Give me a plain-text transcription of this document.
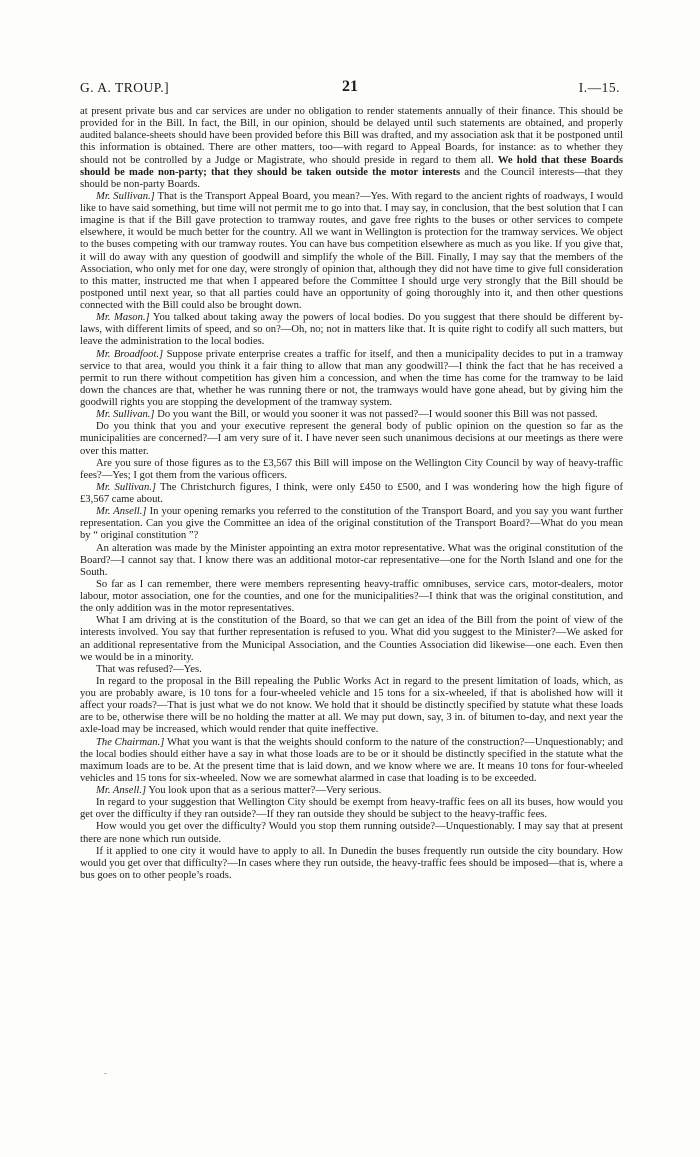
G. A. TROUP.]	21	I.—15.

at present private bus and car services are under no obligation to render statements annually of their finance. This should be provided for in the Bill. In fact, the Bill, in our opinion, should be delayed until such statements are obtained, and properly audited balance-sheets should have been provided before this Bill was drafted, and my association ask that it be postponed until this information is obtained. There are other matters, too—with regard to Appeal Boards, for instance: as to whether they should not be controlled by a Judge or Magistrate, who should preside in regard to them all. We hold that these Boards should be made non-party; that they should be taken outside the motor interests and the Council interests—that they should be non-party Boards.

Mr. Sullivan.] That is the Transport Appeal Board, you mean?—Yes. With regard to the ancient rights of roadways, I would like to have said something, but time will not permit me to go into that. I may say, in conclusion, that the best solution that I can imagine is that if the Bill gave protection to tramway routes, and gave free rights to the buses or other services to compete elsewhere, it would be much better for the country. All we want in Wellington is protection for the tramway services. We object to the buses competing with our tramway routes. You can have bus competition elsewhere as much as you like. If you give that, it will do away with any question of goodwill and simplify the whole of the Bill. Finally, I may say that the members of the Association, who only met for one day, were strongly of opinion that, although they did not have time to give full consideration to this matter, instructed me that when I appeared before the Committee I should urge very strongly that the Bill should be postponed until next year, so that all parties could have an opportunity of going thoroughly into it, and then other questions connected with the Bill could also be brought down.

Mr. Mason.] You talked about taking away the powers of local bodies. Do you suggest that there should be different by-laws, with different limits of speed, and so on?—Oh, no; not in matters like that. It is quite right to codify all such matters, but leave the administration to the local bodies.

Mr. Broadfoot.] Suppose private enterprise creates a traffic for itself, and then a municipality decides to put in a tramway service to that area, would you think it a fair thing to allow that man any goodwill?—I think the fact that he has received a permit to run there without competition has given him a concession, and when the time has come for the tramway to be laid down the chances are that, whether he was running there or not, the tramways would have gone ahead, but by giving him the goodwill rights you are stopping the development of the tramway system.

Mr. Sullivan.] Do you want the Bill, or would you sooner it was not passed?—I would sooner this Bill was not passed.

Do you think that you and your executive represent the general body of public opinion on the question so far as the municipalities are concerned?—I am very sure of it. I have never seen such unanimous decisions at our meetings as there were over this matter.

Are you sure of those figures as to the £3,567 this Bill will impose on the Wellington City Council by way of heavy-traffic fees?—Yes; I got them from the various officers.

Mr. Sullivan.] The Christchurch figures, I think, were only £450 to £500, and I was wondering how the high figure of £3,567 came about.

Mr. Ansell.] In your opening remarks you referred to the constitution of the Transport Board, and you say you want further representation. Can you give the Committee an idea of the original constitution of the Transport Board?—What do you mean by “ original constitution ”?

An alteration was made by the Minister appointing an extra motor representative. What was the original constitution of the Board?—I cannot say that. I know there was an additional motor-car representative—one for the North Island and one for the South.

So far as I can remember, there were members representing heavy-traffic omnibuses, service cars, motor-dealers, motor labour, motor association, one for the counties, and one for the municipalities?—I think that was the original constitution, and the only addition was in the motor representatives.

What I am driving at is the constitution of the Board, so that we can get an idea of the Bill from the point of view of the interests involved. You say that further representation is refused to you. What did you suggest to the Minister?—We asked for an additional representative from the Municipal Association, and the Counties Association did likewise—one each. Even then we would be in a minority.

That was refused?—Yes.

In regard to the proposal in the Bill repealing the Public Works Act in regard to the present limitation of loads, which, as you are probably aware, is 10 tons for a four-wheeled vehicle and 15 tons for a six-wheeled, if that is abolished how will it affect your roads?—That is just what we do not know. We hold that it should be distinctly specified by statute what these loads are to be, otherwise there will be no holding the matter at all. We may put down, say, 3 in. of bitumen to-day, and next year the axle-load may be increased, which would render that quite ineffective.

The Chairman.] What you want is that the weights should conform to the nature of the construction?—Unquestionably; and the local bodies should either have a say in what those loads are to be or it should be distinctly specified in the statute what the maximum loads are to be. At the present time that is laid down, and we know where we are. It means 10 tons for four-wheeled vehicles and 15 tons for six-wheeled. Now we are somewhat alarmed in case that loading is to be exceeded.

Mr. Ansell.] You look upon that as a serious matter?—Very serious.

In regard to your suggestion that Wellington City should be exempt from heavy-traffic fees on all its buses, how would you get over the difficulty if they ran outside?—If they ran outside they should be subject to the heavy-traffic fees.

How would you get over the difficulty? Would you stop them running outside?—Unquestionably. I may say that at present there are none which run outside.

If it applied to one city it would have to apply to all. In Dunedin the buses frequently run outside the city boundary. How would you get over that difficulty?—In cases where they run outside, the heavy-traffic fees should be imposed—that is, where a bus goes on to other people’s roads.
